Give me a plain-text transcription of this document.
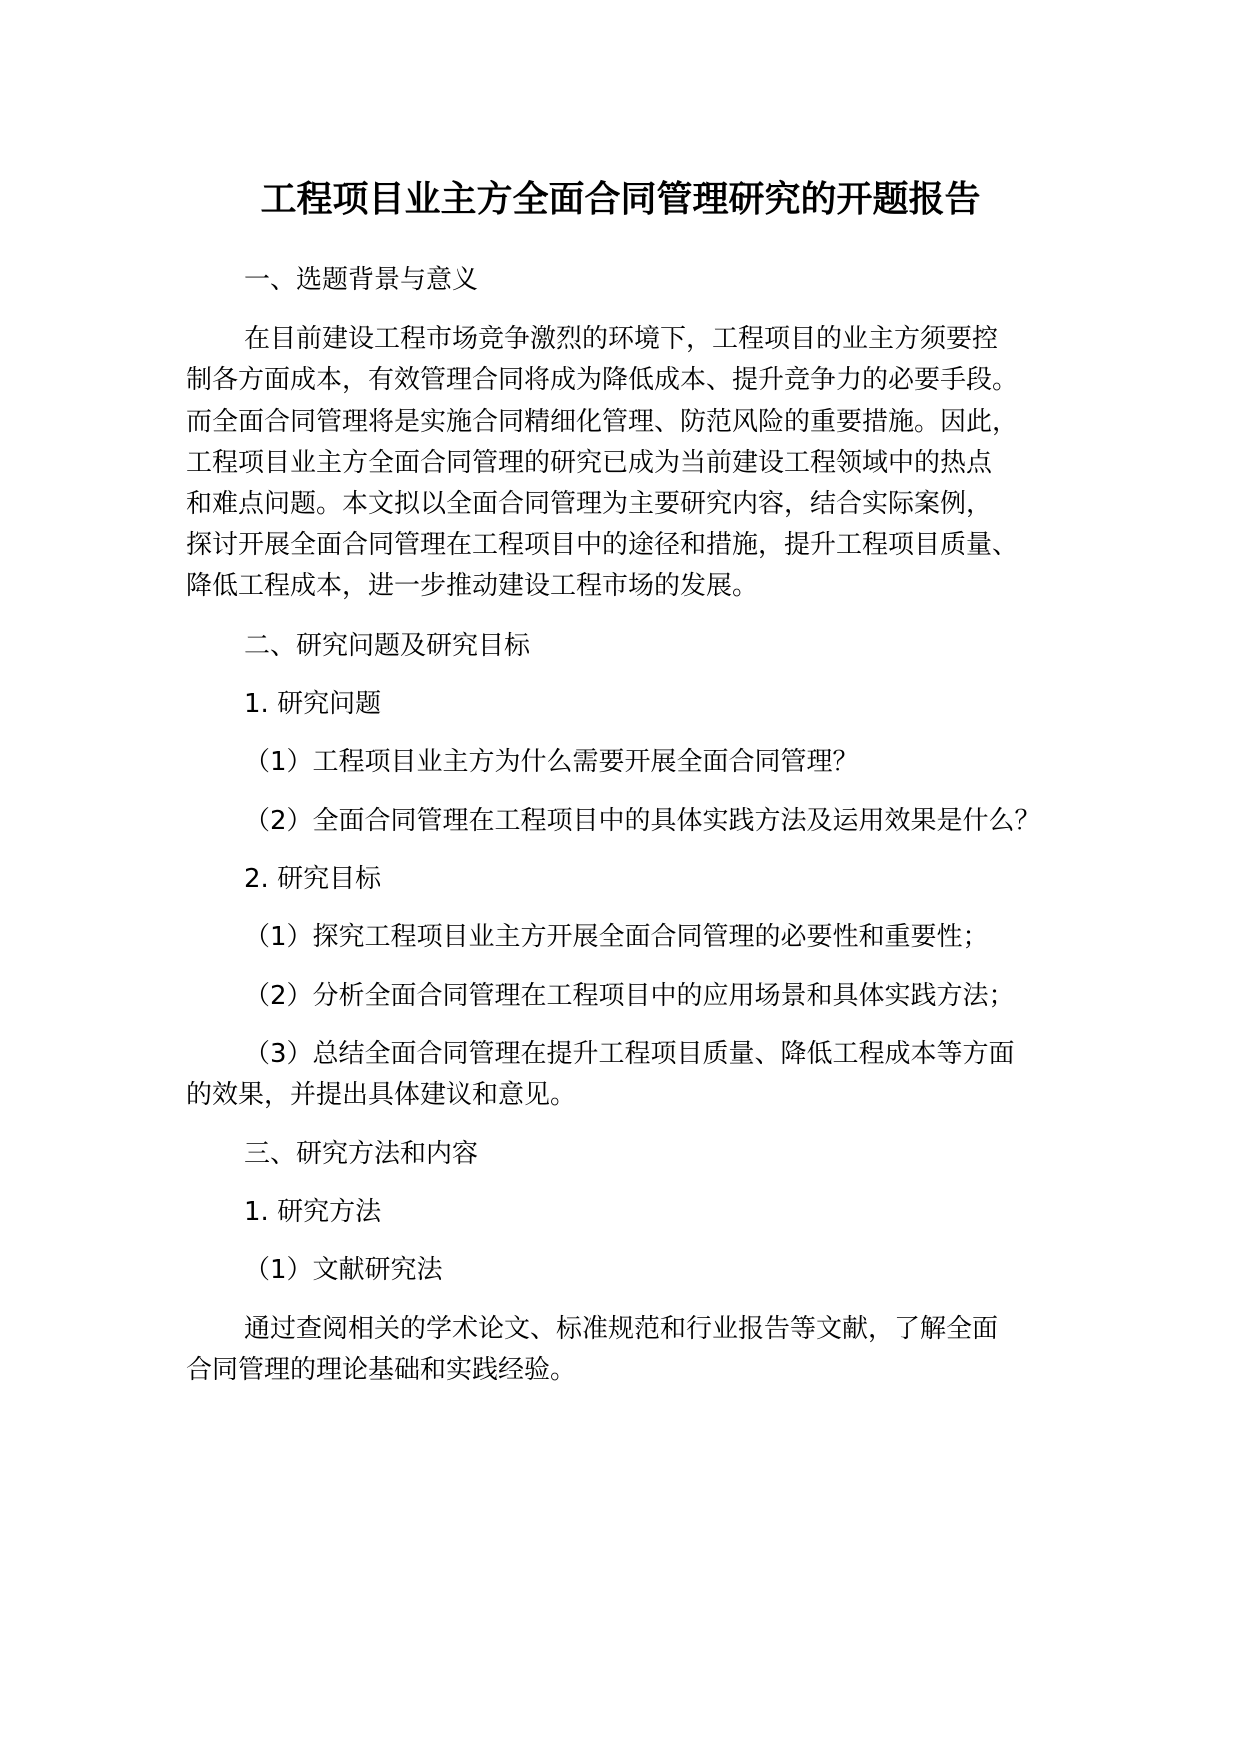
工程项目业主方全面合同管理研究的开题报告

一、选题背景与意义

在目前建设工程市场竞争激烈的环境下，工程项目的业主方须要控

制各方面成本，有效管理合同将成为降低成本、提升竞争力的必要手段。

而全面合同管理将是实施合同精细化管理、防范风险的重要措施。因此，

工程项目业主方全面合同管理的研究已成为当前建设工程领域中的热点

和难点问题。本文拟以全面合同管理为主要研究内容，结合实际案例，

探讨开展全面合同管理在工程项目中的途径和措施，提升工程项目质量、

降低工程成本，进一步推动建设工程市场的发展。

二、研究问题及研究目标

1. 研究问题

（1）工程项目业主方为什么需要开展全面合同管理？

（2）全面合同管理在工程项目中的具体实践方法及运用效果是什么？

2. 研究目标

（1）探究工程项目业主方开展全面合同管理的必要性和重要性；

（2）分析全面合同管理在工程项目中的应用场景和具体实践方法；

（3）总结全面合同管理在提升工程项目质量、降低工程成本等方面

的效果，并提出具体建议和意见。

三、研究方法和内容

1. 研究方法

（1）文献研究法

通过查阅相关的学术论文、标准规范和行业报告等文献，了解全面

合同管理的理论基础和实践经验。
